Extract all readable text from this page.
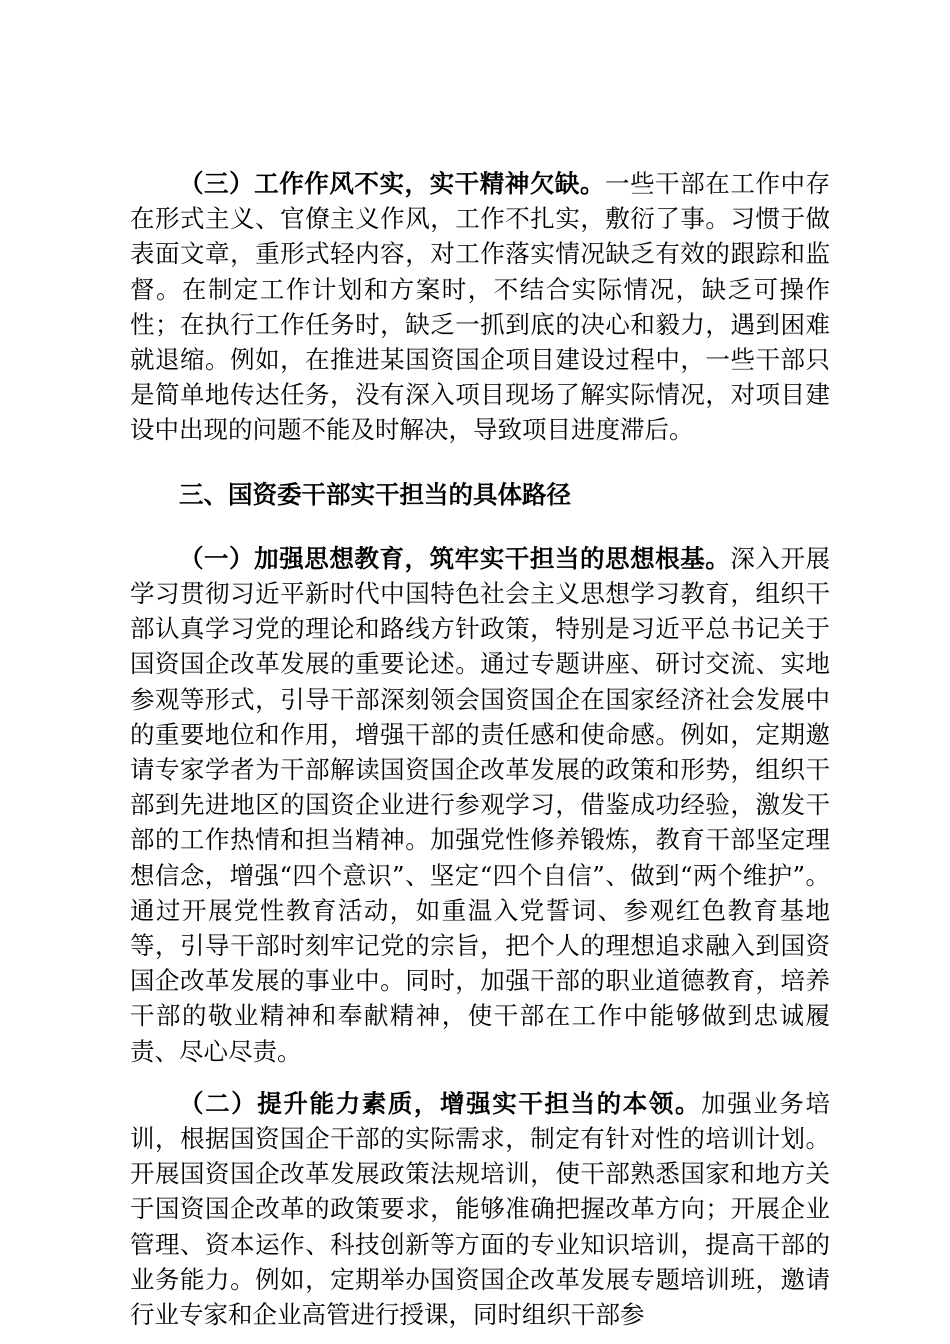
（三）工作作风不实，实干精神欠缺。一些干部在工作中存在形式主义、官僚主义作风，工作不扎实，敷衍了事。习惯于做表面文章，重形式轻内容，对工作落实情况缺乏有效的跟踪和监督。在制定工作计划和方案时，不结合实际情况，缺乏可操作性；在执行工作任务时，缺乏一抓到底的决心和毅力，遇到困难就退缩。例如，在推进某国资国企项目建设过程中，一些干部只是简单地传达任务，没有深入项目现场了解实际情况，对项目建设中出现的问题不能及时解决，导致项目进度滞后。

三、国资委干部实干担当的具体路径

（一）加强思想教育，筑牢实干担当的思想根基。深入开展学习贯彻习近平新时代中国特色社会主义思想学习教育，组织干部认真学习党的理论和路线方针政策，特别是习近平总书记关于国资国企改革发展的重要论述。通过专题讲座、研讨交流、实地参观等形式，引导干部深刻领会国资国企在国家经济社会发展中的重要地位和作用，增强干部的责任感和使命感。例如，定期邀请专家学者为干部解读国资国企改革发展的政策和形势，组织干部到先进地区的国资企业进行参观学习，借鉴成功经验，激发干部的工作热情和担当精神。加强党性修养锻炼，教育干部坚定理想信念，增强“四个意识”、坚定“四个自信”、做到“两个维护”。通过开展党性教育活动，如重温入党誓词、参观红色教育基地等，引导干部时刻牢记党的宗旨，把个人的理想追求融入到国资国企改革发展的事业中。同时，加强干部的职业道德教育，培养干部的敬业精神和奉献精神，使干部在工作中能够做到忠诚履责、尽心尽责。

（二）提升能力素质，增强实干担当的本领。加强业务培训，根据国资国企干部的实际需求，制定有针对性的培训计划。开展国资国企改革发展政策法规培训，使干部熟悉国家和地方关于国资国企改革的政策要求，能够准确把握改革方向；开展企业管理、资本运作、科技创新等方面的专业知识培训，提高干部的业务能力。例如，定期举办国资国企改革发展专题培训班，邀请行业专家和企业高管进行授课，同时组织干部参
